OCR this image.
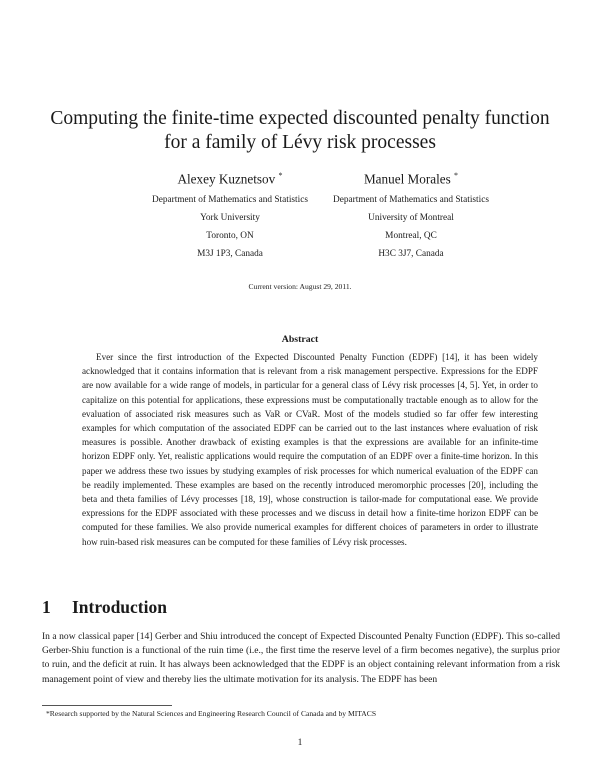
Computing the finite-time expected discounted penalty function
for a family of Lévy risk processes
Alexey Kuznetsov *
Department of Mathematics and Statistics
York University
Toronto, ON
M3J 1P3, Canada
Manuel Morales *
Department of Mathematics and Statistics
University of Montreal
Montreal, QC
H3C 3J7, Canada
Current version: August 29, 2011.
Abstract

Ever since the first introduction of the Expected Discounted Penalty Function (EDPF) [14], it has been widely acknowledged that it contains information that is relevant from a risk management perspective. Expressions for the EDPF are now available for a wide range of models, in particular for a general class of Lévy risk processes [4, 5]. Yet, in order to capitalize on this potential for applications, these expressions must be computationally tractable enough as to allow for the evaluation of associated risk measures such as VaR or CVaR. Most of the models studied so far offer few interesting examples for which computation of the associated EDPF can be carried out to the last instances where evaluation of risk measures is possible. Another drawback of existing examples is that the expressions are available for an infinite-time horizon EDPF only. Yet, realistic applications would require the computation of an EDPF over a finite-time horizon. In this paper we address these two issues by studying examples of risk processes for which numerical evaluation of the EDPF can be readily implemented. These examples are based on the recently introduced meromorphic processes [20], including the beta and theta families of Lévy processes [18, 19], whose construction is tailor-made for computational ease. We provide expressions for the EDPF associated with these processes and we discuss in detail how a finite-time horizon EDPF can be computed for these families. We also provide numerical examples for different choices of parameters in order to illustrate how ruin-based risk measures can be computed for these families of Lévy risk processes.

1 Introduction

In a now classical paper [14] Gerber and Shiu introduced the concept of Expected Discounted Penalty Function (EDPF). This so-called Gerber-Shiu function is a functional of the ruin time (i.e., the first time the reserve level of a firm becomes negative), the surplus prior to ruin, and the deficit at ruin. It has always been acknowledged that the EDPF is an object containing relevant information from a risk management point of view and thereby lies the ultimate motivation for its analysis. The EDPF has been

*Research supported by the Natural Sciences and Engineering Research Council of Canada and by MITACS
1
